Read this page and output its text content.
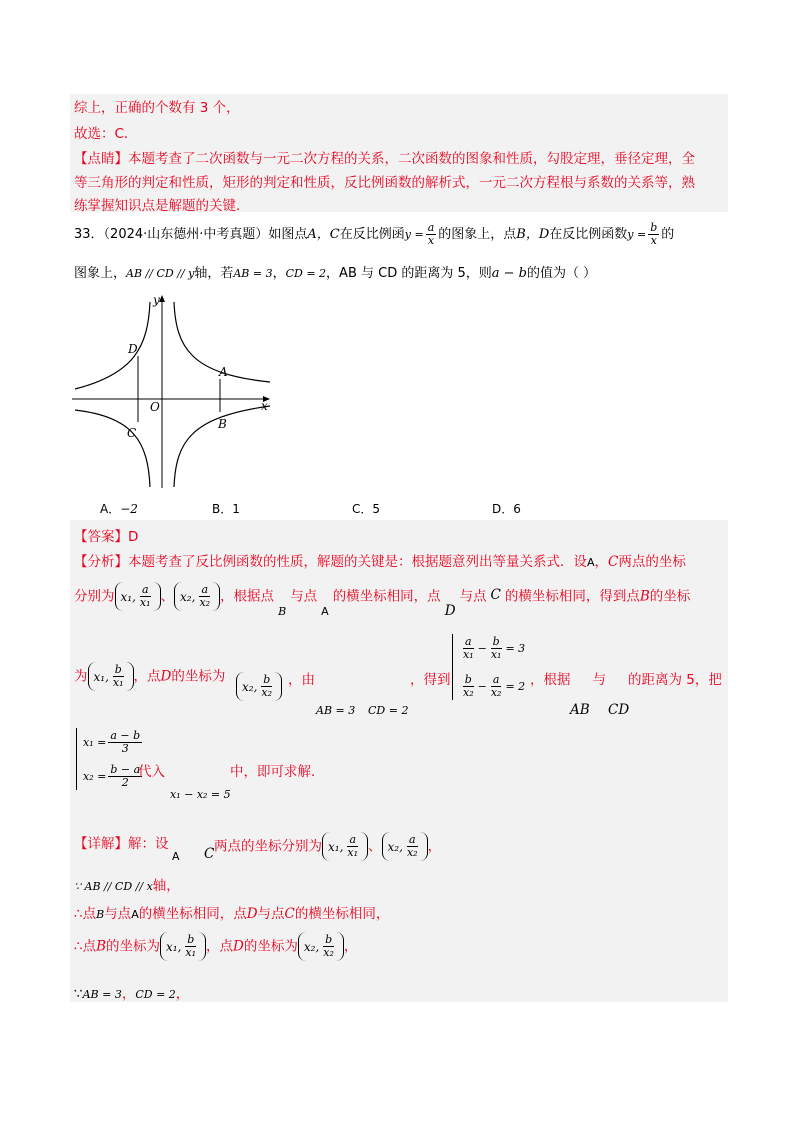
综上，正确的个数有 3 个，
故选：C．
【点睛】本题考查了二次函数与一元二次方程的关系，二次函数的图象和性质，勾股定理，垂径定理，全
等三角形的判定和性质，矩形的判定和性质，反比例函数的解析式，一元二次方程根与系数的关系等，熟
练掌握知识点是解题的关键．
33．（2024·山东德州·中考真题）如图点A，C在反比例函$y = \frac{a}{x}$ 的图象上，点B，D在反比例函数$y = \frac{b}{x}$ 的
图象上，AB // CD // y轴，若AB = 3，CD = 2，AB 与 CD 的距离为 5，则a − b的值为（ ）
y
x
O
A
B
C
D
A．−2	B．1	C．5	D．6
【答案】D
【分析】本题考查了反比例函数的性质，解题的关键是：根据题意列出等量关系式．设A，C两点的坐标
分别为 x₁, $\frac{a}{\text{x₁}}$ 、 x₂, $\frac{a}{\text{x₂}}$ ，根据点$_B$与点$_A$的横坐标相同，点D与点 C 的横坐标相同，得到点B的坐标
为 x₁, $\frac{b}{\text{x₁}}$ ，点D的坐标为
x₂, $\frac{b}{\text{x₂}}$ ，由
AB = 3 CD = 2
，得到
$\frac{a}{\text{x₁}} - \frac{b}{\text{x₁}} = 3$
$\frac{b}{\text{x₂}} - \frac{a}{\text{x₂}} = 2$ ，根据 与 的距离为 5，把
AB CD
$x_1 = \frac{a - b}{3}$
$x_2 = \frac{b - a}{2}$
代入
x₁ − x₂ = 5
中，即可求解．
【详解】解：设
A C 两点的坐标分别为 x₁, $\frac{a}{\text{x₁}}$ 、 x₂, $\frac{a}{\text{x₂}}$ ，
∵ AB // CD // x轴，
∴点B与点A的横坐标相同，点D与点C的横坐标相同，
∴点B的坐标为 x₁, $\frac{b}{\text{x₁}}$ ，点D的坐标为 x₂, $\frac{b}{\text{x₂}}$ ，
∵AB = 3，CD = 2，
